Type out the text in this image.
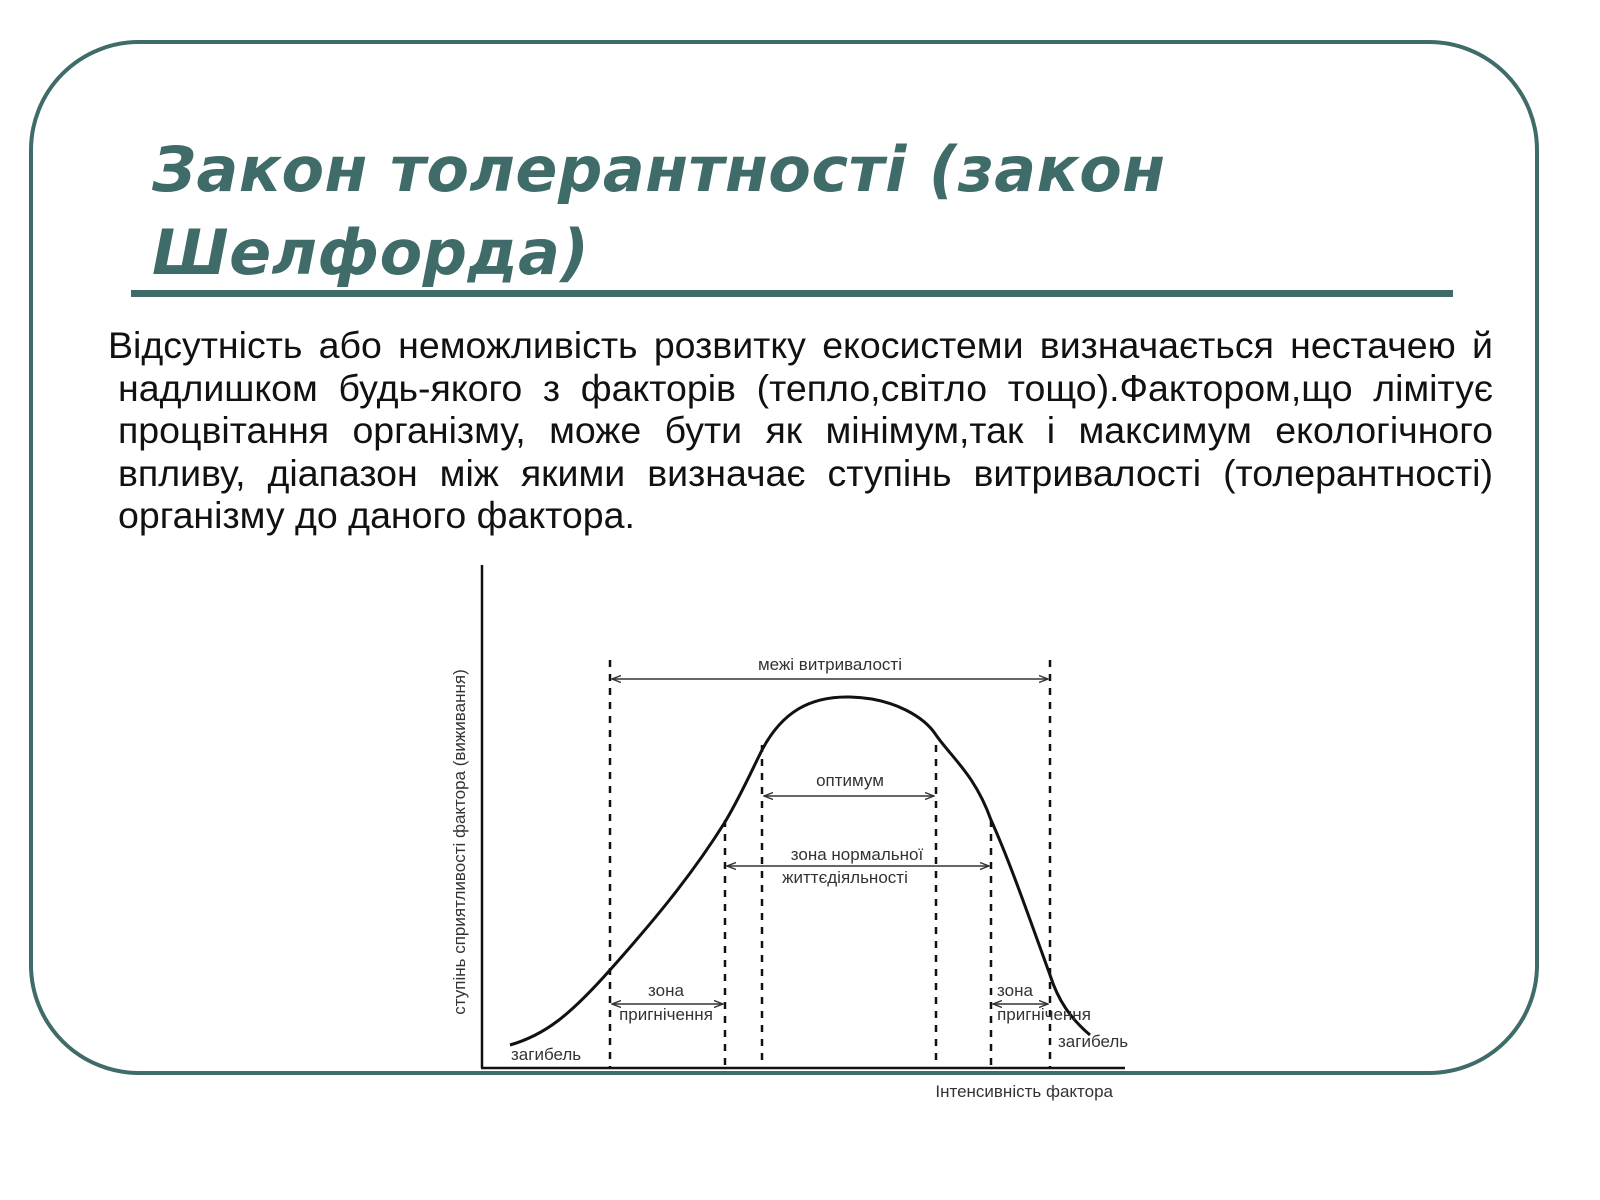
Закон толерантності (закон Шелфорда)

Відсутність або неможливість розвитку екосистеми визначається нестачею й надлишком будь-якого з факторів (тепло,світло тощо).Фактором,що лімітує процвітання організму, може бути як мінімум,так і максимум екологічного впливу, діапазон між якими визначає ступінь витривалості (толерантності) організму до даного фактора.

межі витривалості
оптимум
зона нормальної
життєдіяльності
зона
пригнічення
зона
пригнічення
загибель
загибель
Інтенсивність фактора
ступінь сприятливості фактора (виживання)
